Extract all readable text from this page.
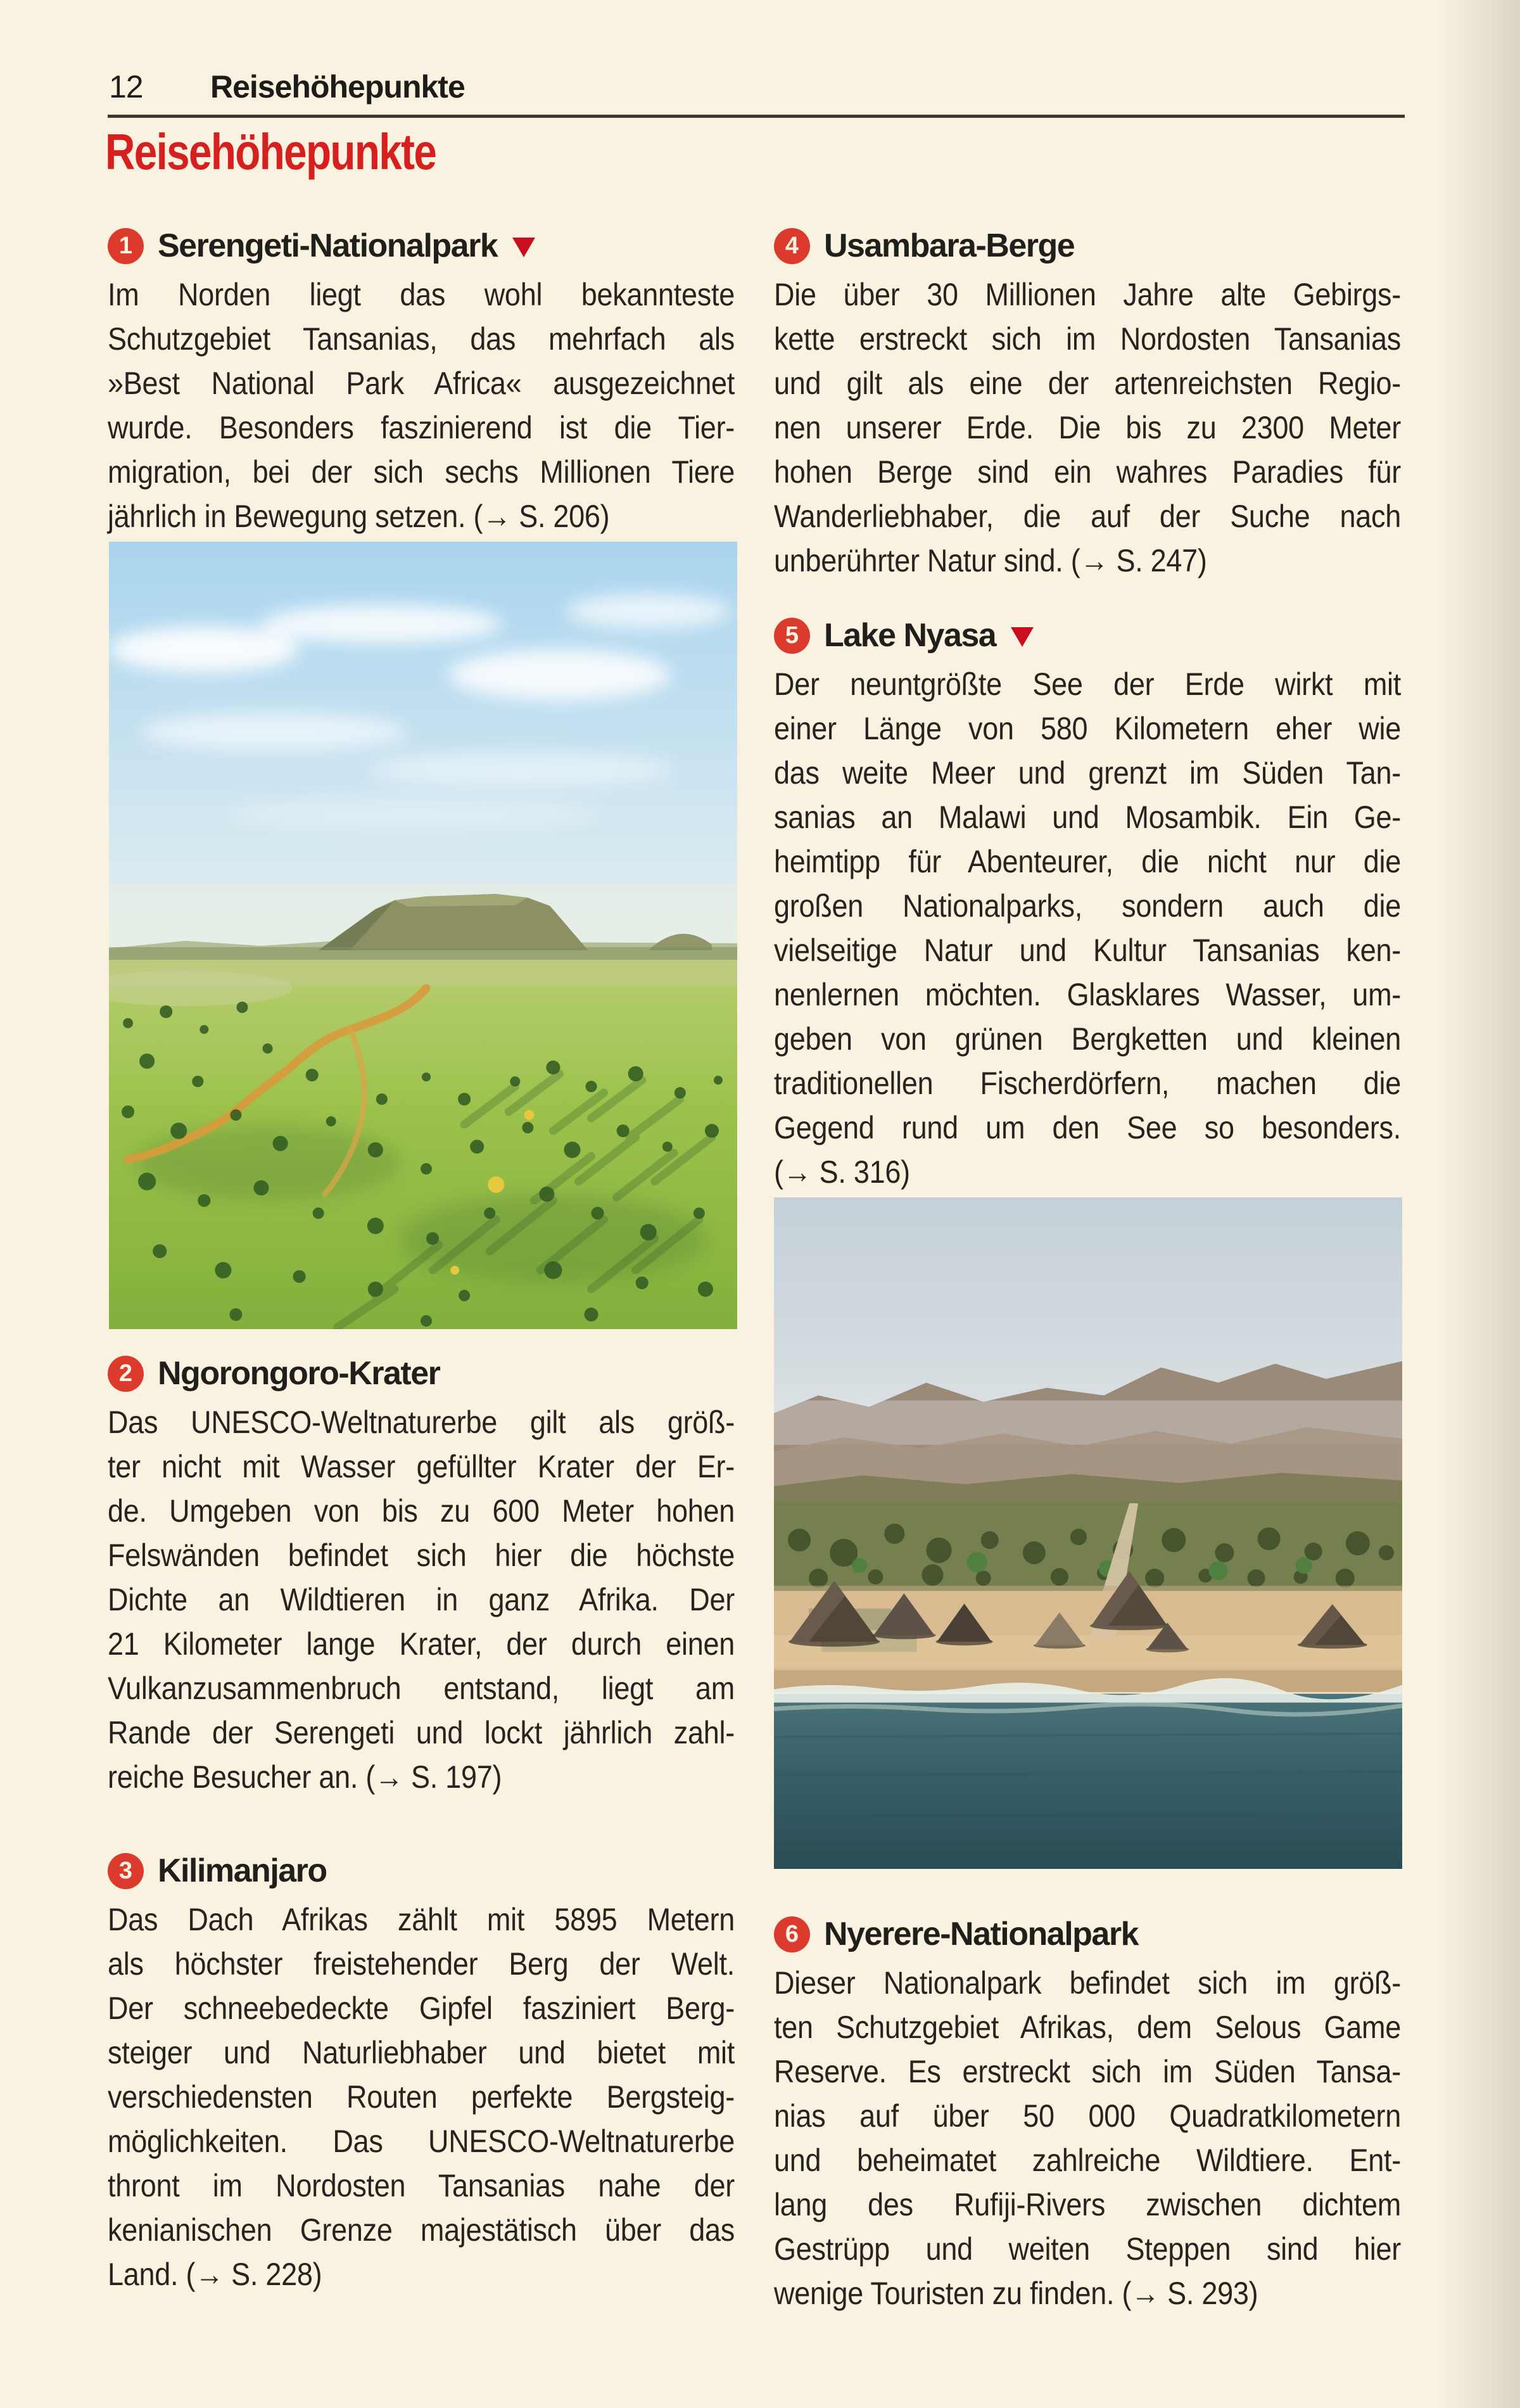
12 Reisehöhepunkte
Reisehöhepunkte
1 Serengeti-Nationalpark
Im Norden liegt das wohl bekannteste
Schutzgebiet Tansanias, das mehrfach als
»Best National Park Africa« ausgezeichnet
wurde. Besonders faszinierend ist die Tier-
migration, bei der sich sechs Millionen Tiere
jährlich in Bewegung setzen. (→ S. 206)
2 Ngorongoro-Krater
Das UNESCO-Weltnaturerbe gilt als größ-
ter nicht mit Wasser gefüllter Krater der Er-
de. Umgeben von bis zu 600 Meter hohen
Felswänden befindet sich hier die höchste
Dichte an Wildtieren in ganz Afrika. Der
21 Kilometer lange Krater, der durch einen
Vulkanzusammenbruch entstand, liegt am
Rande der Serengeti und lockt jährlich zahl-
reiche Besucher an. (→ S. 197)
3 Kilimanjaro
Das Dach Afrikas zählt mit 5895 Metern
als höchster freistehender Berg der Welt.
Der schneebedeckte Gipfel fasziniert Berg-
steiger und Naturliebhaber und bietet mit
verschiedensten Routen perfekte Bergsteig-
möglichkeiten. Das UNESCO-Weltnaturerbe
thront im Nordosten Tansanias nahe der
kenianischen Grenze majestätisch über das
Land. (→ S. 228)
4 Usambara-Berge
Die über 30 Millionen Jahre alte Gebirgs-
kette erstreckt sich im Nordosten Tansanias
und gilt als eine der artenreichsten Regio-
nen unserer Erde. Die bis zu 2300 Meter
hohen Berge sind ein wahres Paradies für
Wanderliebhaber, die auf der Suche nach
unberührter Natur sind. (→ S. 247)
5 Lake Nyasa
Der neuntgrößte See der Erde wirkt mit
einer Länge von 580 Kilometern eher wie
das weite Meer und grenzt im Süden Tan-
sanias an Malawi und Mosambik. Ein Ge-
heimtipp für Abenteurer, die nicht nur die
großen Nationalparks, sondern auch die
vielseitige Natur und Kultur Tansanias ken-
nenlernen möchten. Glasklares Wasser, um-
geben von grünen Bergketten und kleinen
traditionellen Fischerdörfern, machen die
Gegend rund um den See so besonders.
(→ S. 316)
6 Nyerere-Nationalpark
Dieser Nationalpark befindet sich im größ-
ten Schutzgebiet Afrikas, dem Selous Game
Reserve. Es erstreckt sich im Süden Tansa-
nias auf über 50 000 Quadratkilometern
und beheimatet zahlreiche Wildtiere. Ent-
lang des Rufiji-Rivers zwischen dichtem
Gestrüpp und weiten Steppen sind hier
wenige Touristen zu finden. (→ S. 293)
